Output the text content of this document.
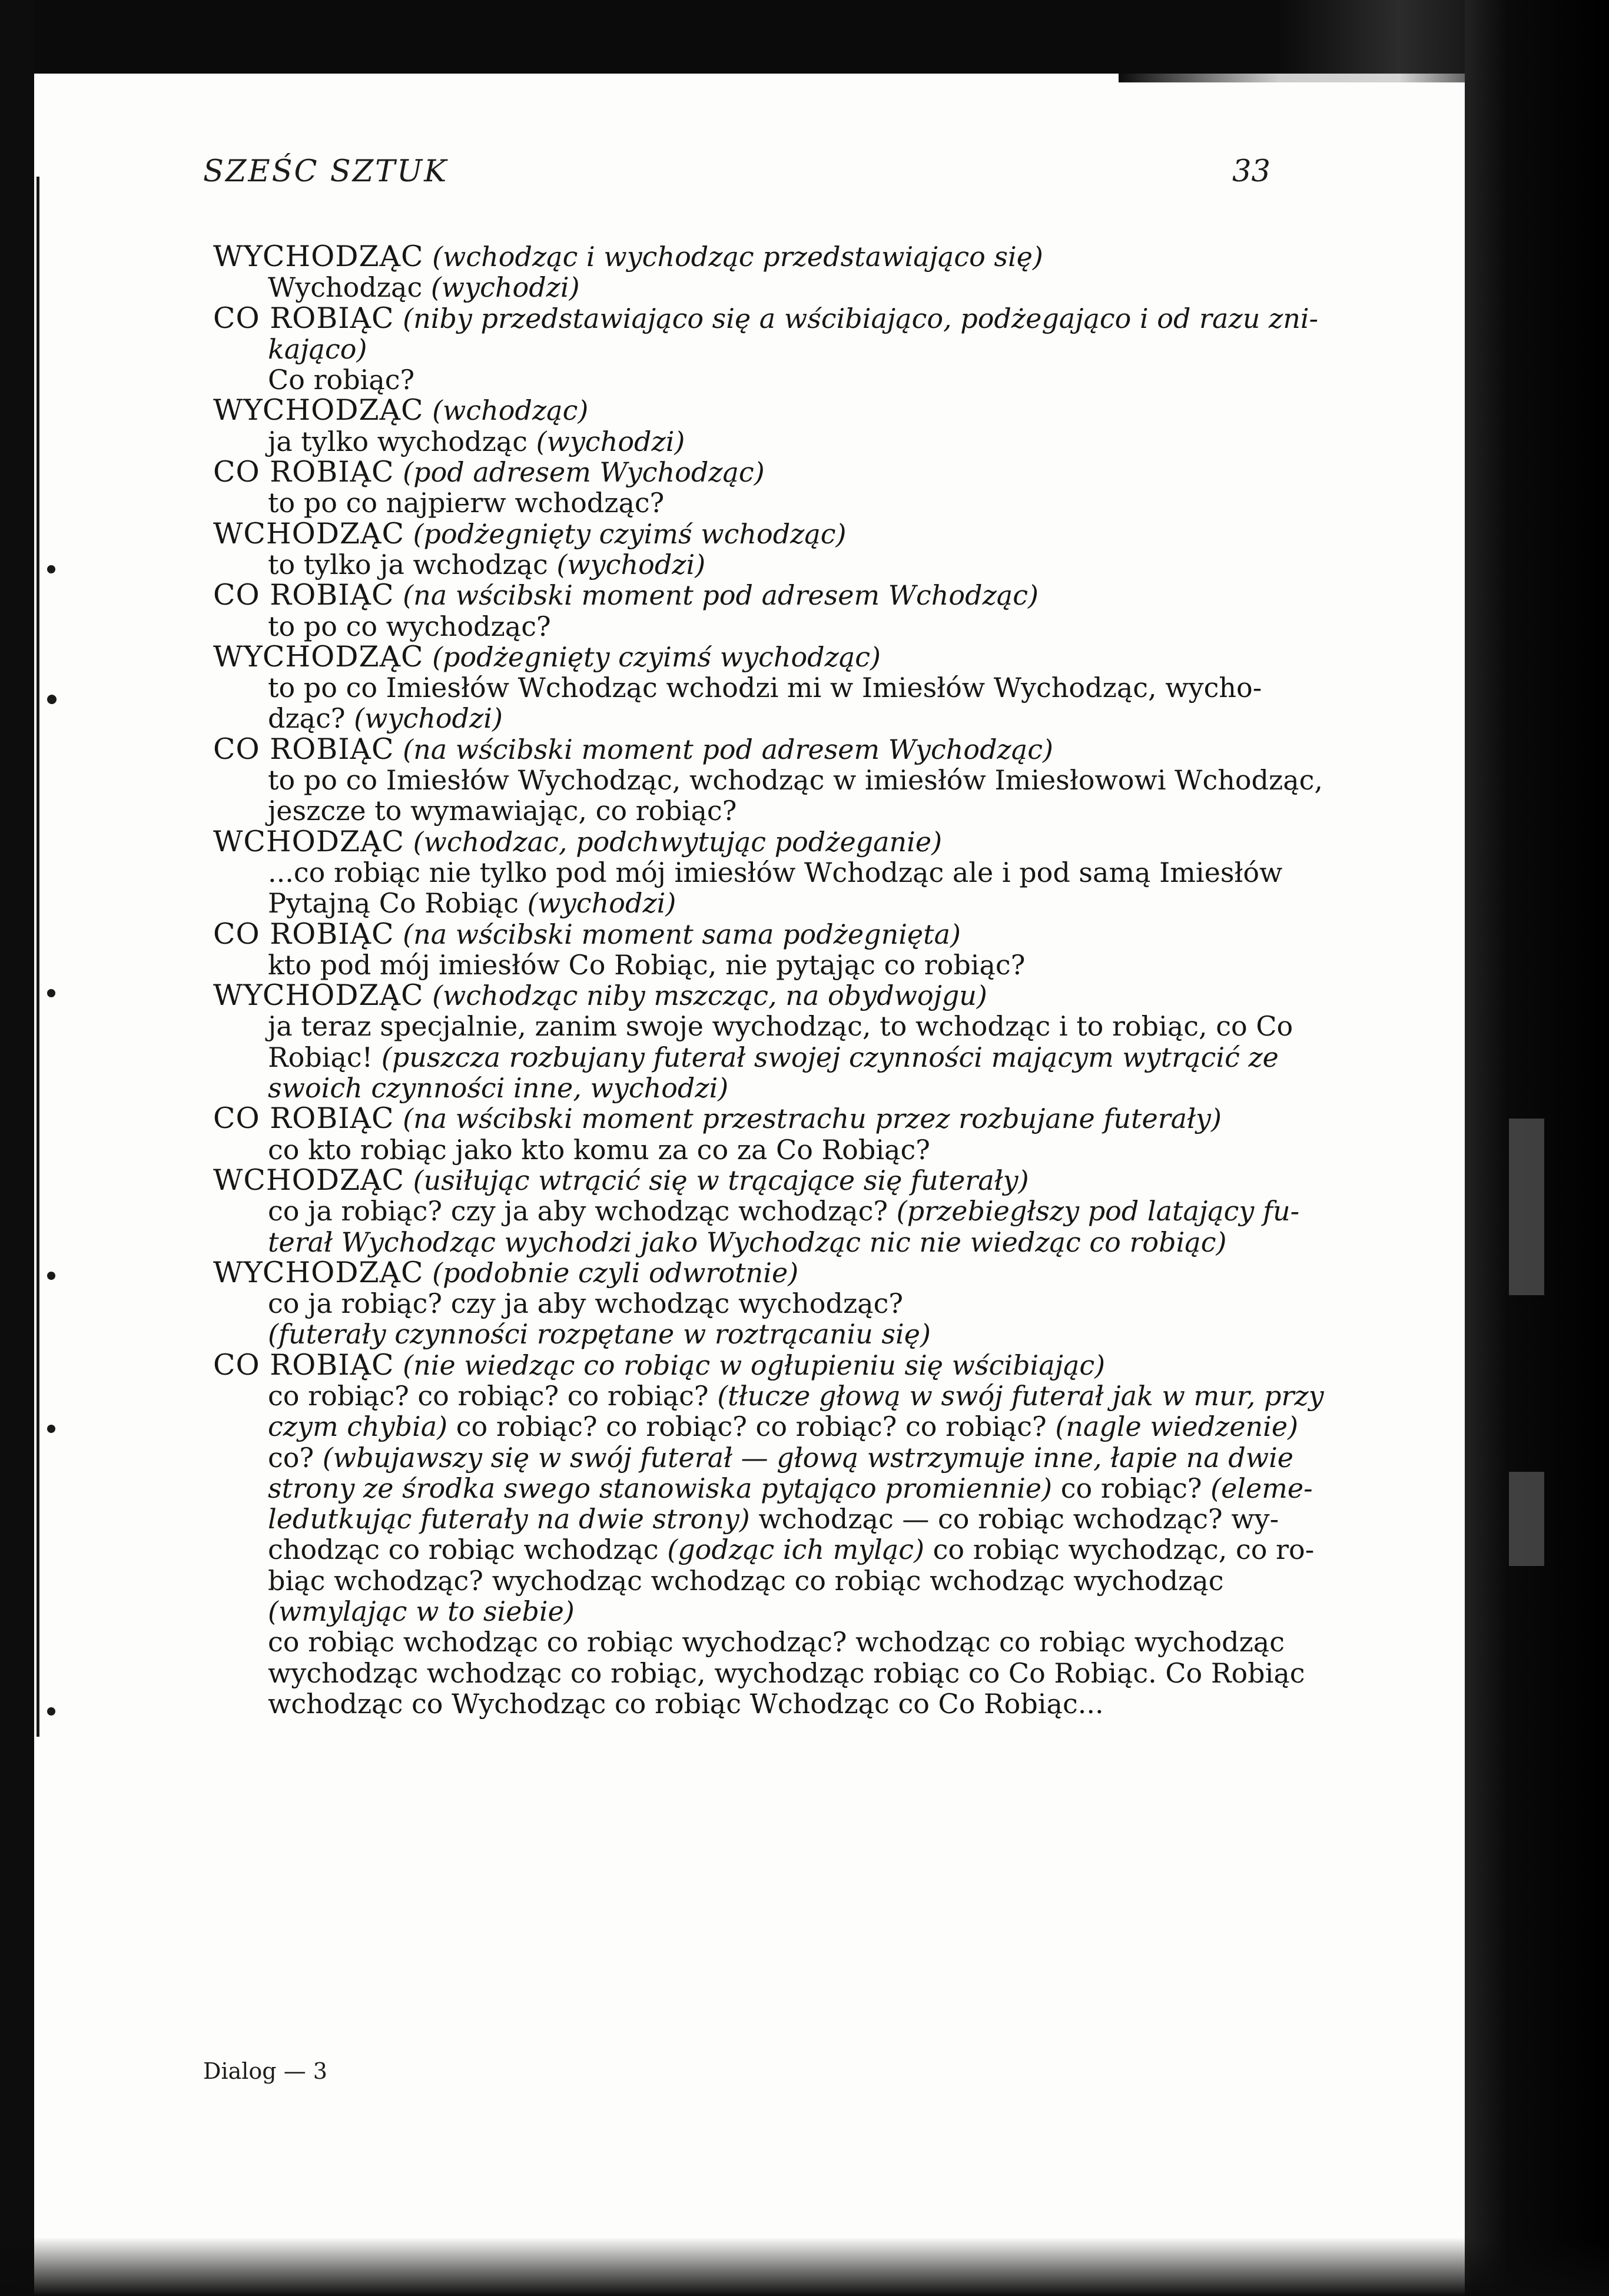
SZEŚC SZTUK	33
WYCHODZĄC (wchodząc i wychodząc przedstawiająco się)
Wychodząc (wychodzi)
CO ROBIĄC (niby przedstawiająco się a wścibiająco, podżegająco i od razu zni-
kająco)
Co robiąc?
WYCHODZĄC (wchodząc)
ja tylko wychodząc (wychodzi)
CO ROBIĄC (pod adresem Wychodząc)
to po co najpierw wchodząc?
WCHODZĄC (podżegnięty czyimś wchodząc)
to tylko ja wchodząc (wychodzi)
CO ROBIĄC (na wścibski moment pod adresem Wchodząc)
to po co wychodząc?
WYCHODZĄC (podżegnięty czyimś wychodząc)
to po co Imiesłów Wchodząc wchodzi mi w Imiesłów Wychodząc, wycho-
dząc? (wychodzi)
CO ROBIĄC (na wścibski moment pod adresem Wychodząc)
to po co Imiesłów Wychodząc, wchodząc w imiesłów Imiesłowowi Wchodząc,
jeszcze to wymawiając, co robiąc?
WCHODZĄC (wchodzac, podchwytując podżeganie)
...co robiąc nie tylko pod mój imiesłów Wchodząc ale i pod samą Imiesłów
Pytajną Co Robiąc (wychodzi)
CO ROBIĄC (na wścibski moment sama podżegnięta)
kto pod mój imiesłów Co Robiąc, nie pytając co robiąc?
WYCHODZĄC (wchodząc niby mszcząc, na obydwojgu)
ja teraz specjalnie, zanim swoje wychodząc, to wchodząc i to robiąc, co Co
Robiąc! (puszcza rozbujany futerał swojej czynności mającym wytrącić ze
swoich czynności inne, wychodzi)
CO ROBIĄC (na wścibski moment przestrachu przez rozbujane futerały)
co kto robiąc jako kto komu za co za Co Robiąc?
WCHODZĄC (usiłując wtrącić się w trącające się futerały)
co ja robiąc? czy ja aby wchodząc wchodząc? (przebiegłszy pod latający fu-
terał Wychodząc wychodzi jako Wychodząc nic nie wiedząc co robiąc)
WYCHODZĄC (podobnie czyli odwrotnie)
co ja robiąc? czy ja aby wchodząc wychodząc?
(futerały czynności rozpętane w roztrącaniu się)
CO ROBIĄC (nie wiedząc co robiąc w ogłupieniu się wścibiając)
co robiąc? co robiąc? co robiąc? (tłucze głową w swój futerał jak w mur, przy
czym chybia) co robiąc? co robiąc? co robiąc? co robiąc? (nagle wiedzenie)
co? (wbujawszy się w swój futerał — głową wstrzymuje inne, łapie na dwie
strony ze środka swego stanowiska pytająco promiennie) co robiąc? (eleme-
ledutkując futerały na dwie strony) wchodząc — co robiąc wchodząc? wy-
chodząc co robiąc wchodząc (godząc ich myląc) co robiąc wychodząc, co ro-
biąc wchodząc? wychodząc wchodząc co robiąc wchodząc wychodząc
(wmylając w to siebie)
co robiąc wchodząc co robiąc wychodząc? wchodząc co robiąc wychodząc
wychodząc wchodząc co robiąc, wychodząc robiąc co Co Robiąc. Co Robiąc
wchodząc co Wychodząc co robiąc Wchodząc co Co Robiąc...
Dialog — 3
